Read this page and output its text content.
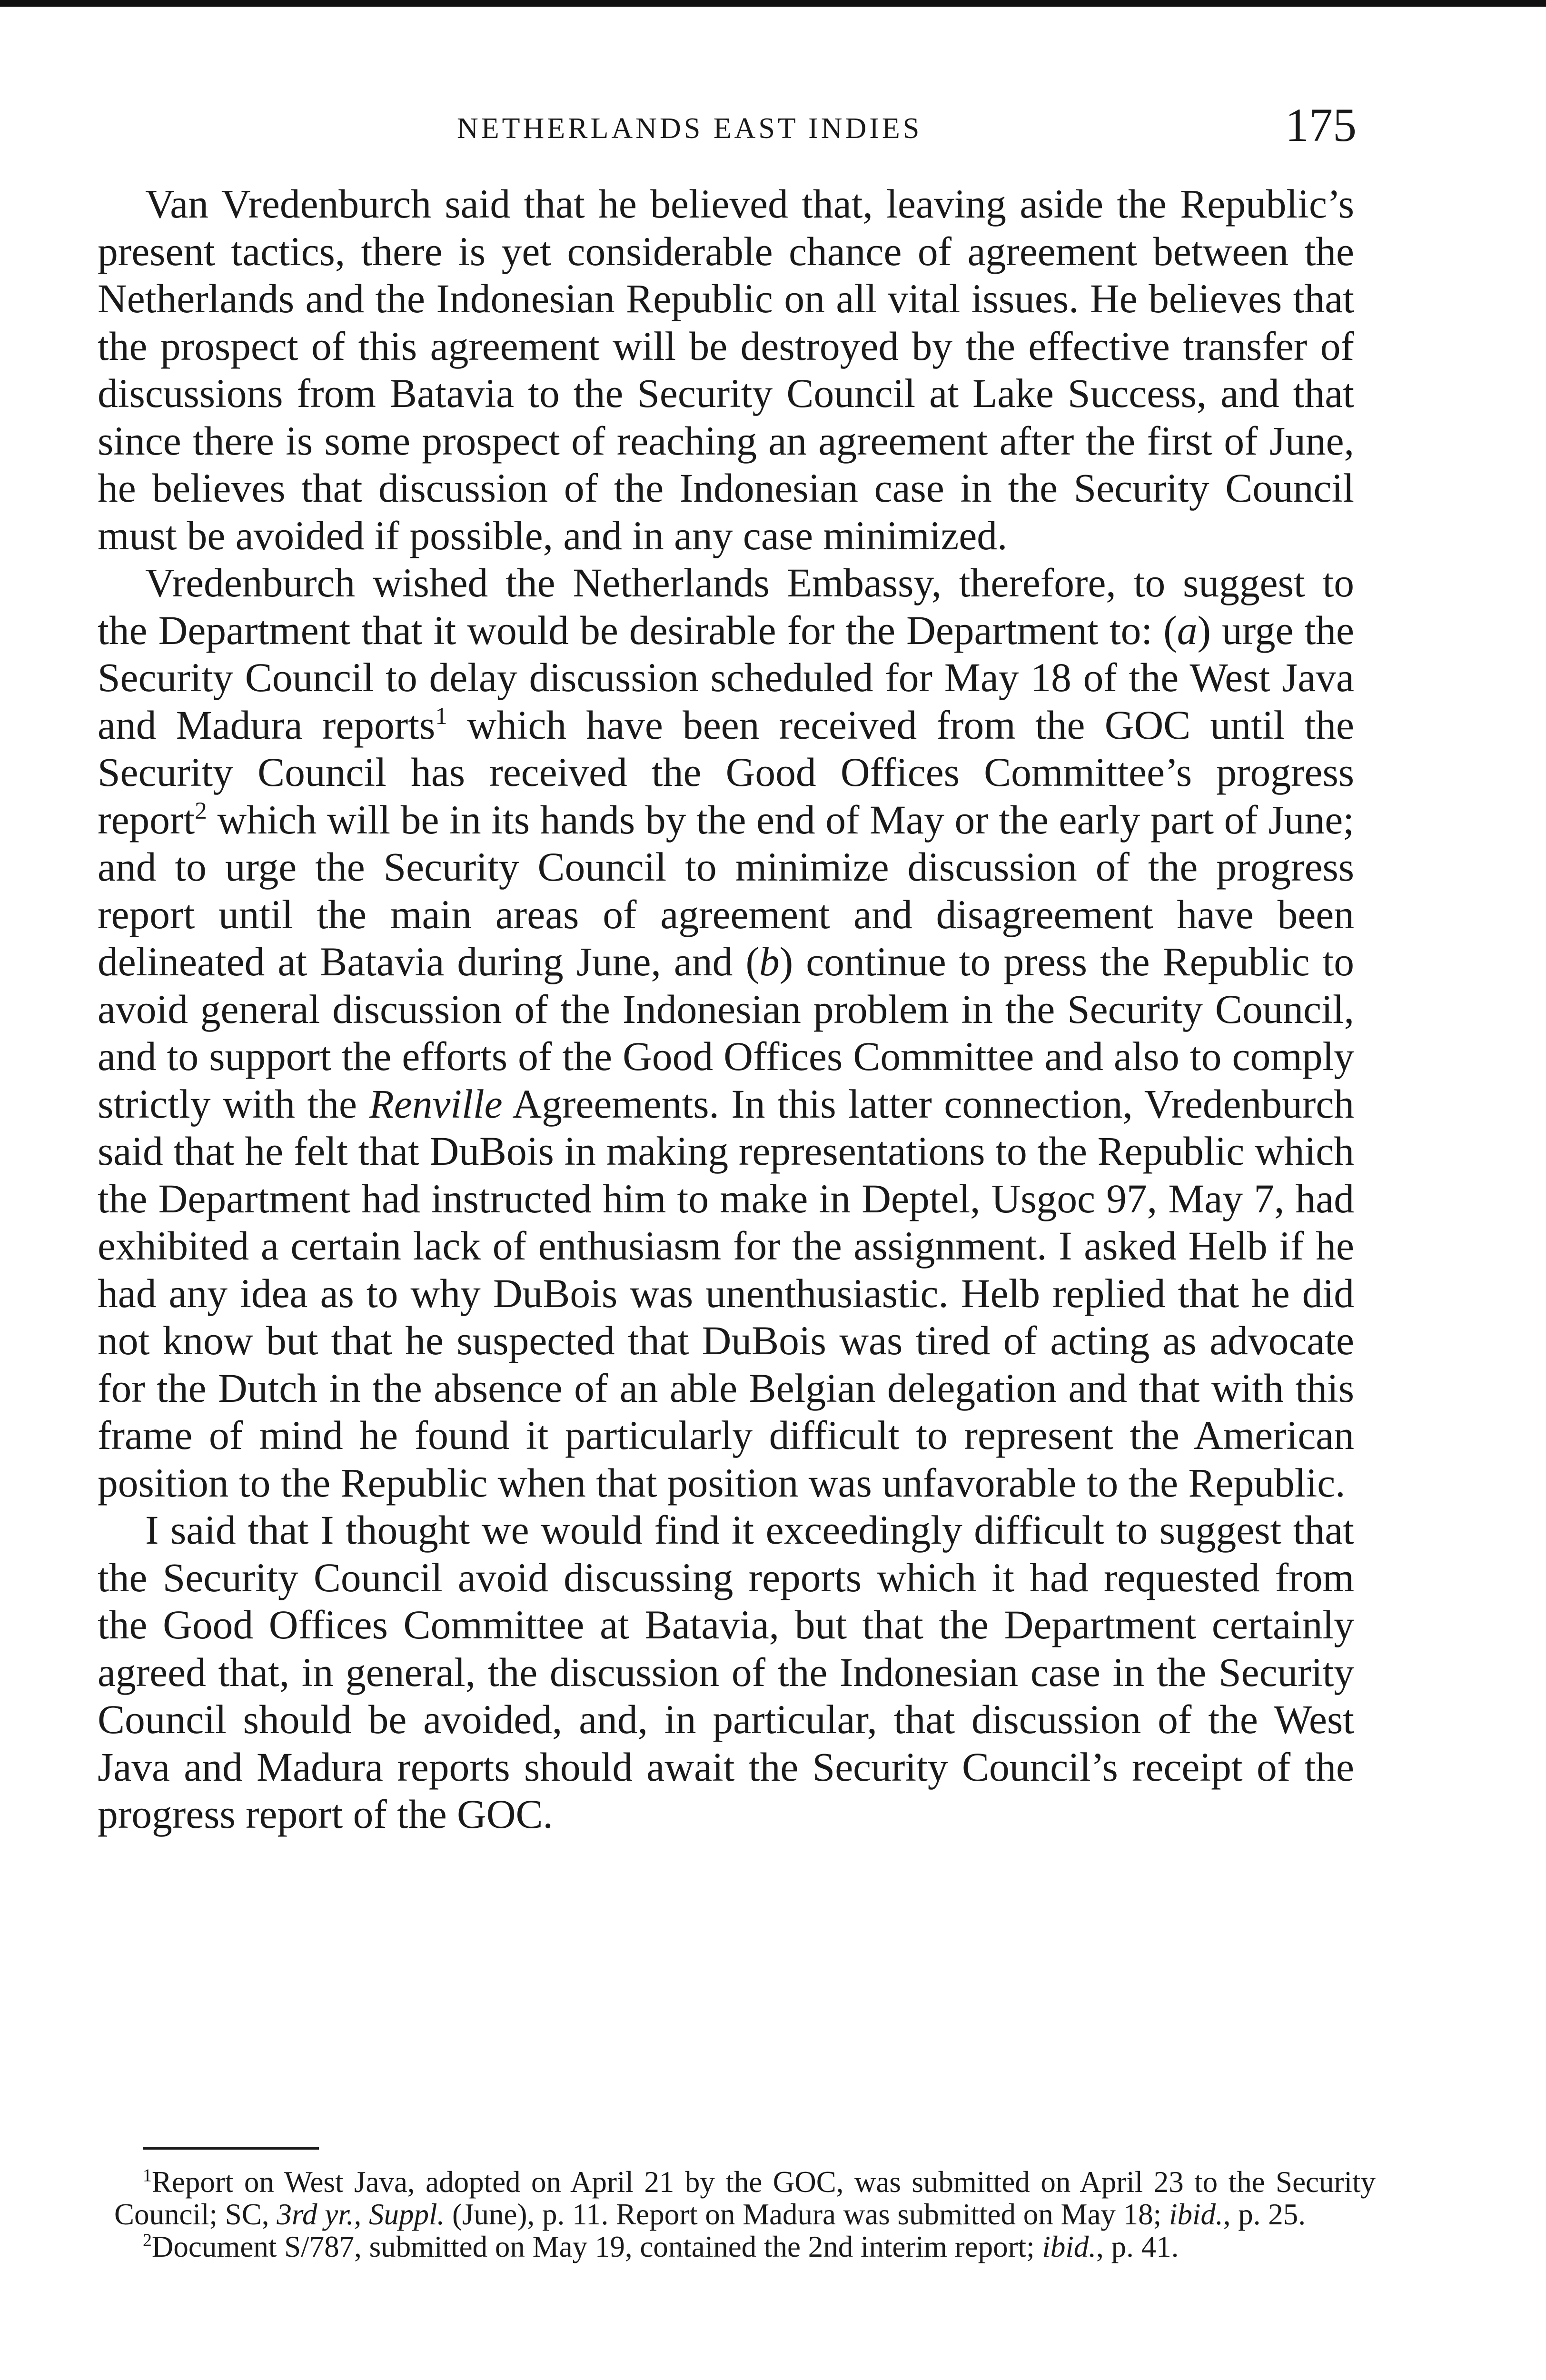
NETHERLANDS EAST INDIES	175

Van Vredenburch said that he believed that, leaving aside the Republic’s present tactics, there is yet considerable chance of agreement between the Netherlands and the Indonesian Republic on all vital issues. He believes that the prospect of this agreement will be destroyed by the effective transfer of discussions from Batavia to the Security Council at Lake Success, and that since there is some prospect of reaching an agreement after the first of June, he believes that discussion of the Indonesian case in the Security Council must be avoided if possible, and in any case minimized.

Vredenburch wished the Netherlands Embassy, therefore, to suggest to the Department that it would be desirable for the Department to: (a) urge the Security Council to delay discussion scheduled for May 18 of the West Java and Madura reports$^1$ which have been received from the GOC until the Security Council has received the Good Offices Committee’s progress report$^2$ which will be in its hands by the end of May or the early part of June; and to urge the Security Council to minimize discussion of the progress report until the main areas of agreement and disagreement have been delineated at Batavia during June, and (b) continue to press the Republic to avoid general discussion of the Indonesian problem in the Security Council, and to support the efforts of the Good Offices Committee and also to comply strictly with the Renville Agreements. In this latter connection, Vredenburch said that he felt that DuBois in making representations to the Republic which the Department had instructed him to make in Deptel, Usgoc 97, May 7, had exhibited a certain lack of enthusiasm for the assignment. I asked Helb if he had any idea as to why DuBois was unenthusiastic. Helb replied that he did not know but that he suspected that DuBois was tired of acting as advocate for the Dutch in the absence of an able Belgian delegation and that with this frame of mind he found it particularly difficult to represent the American position to the Republic when that position was unfavorable to the Republic.

I said that I thought we would find it exceedingly difficult to suggest that the Security Council avoid discussing reports which it had requested from the Good Offices Committee at Batavia, but that the Department certainly agreed that, in general, the discussion of the Indonesian case in the Security Council should be avoided, and, in particular, that discussion of the West Java and Madura reports should await the Security Council’s receipt of the progress report of the GOC.

$^1$Report on West Java, adopted on April 21 by the GOC, was submitted on April 23 to the Security Council; SC, 3rd yr., Suppl. (June), p. 11. Report on Madura was submitted on May 18; ibid., p. 25.

$^2$Document S/787, submitted on May 19, contained the 2nd interim report; ibid., p. 41.
